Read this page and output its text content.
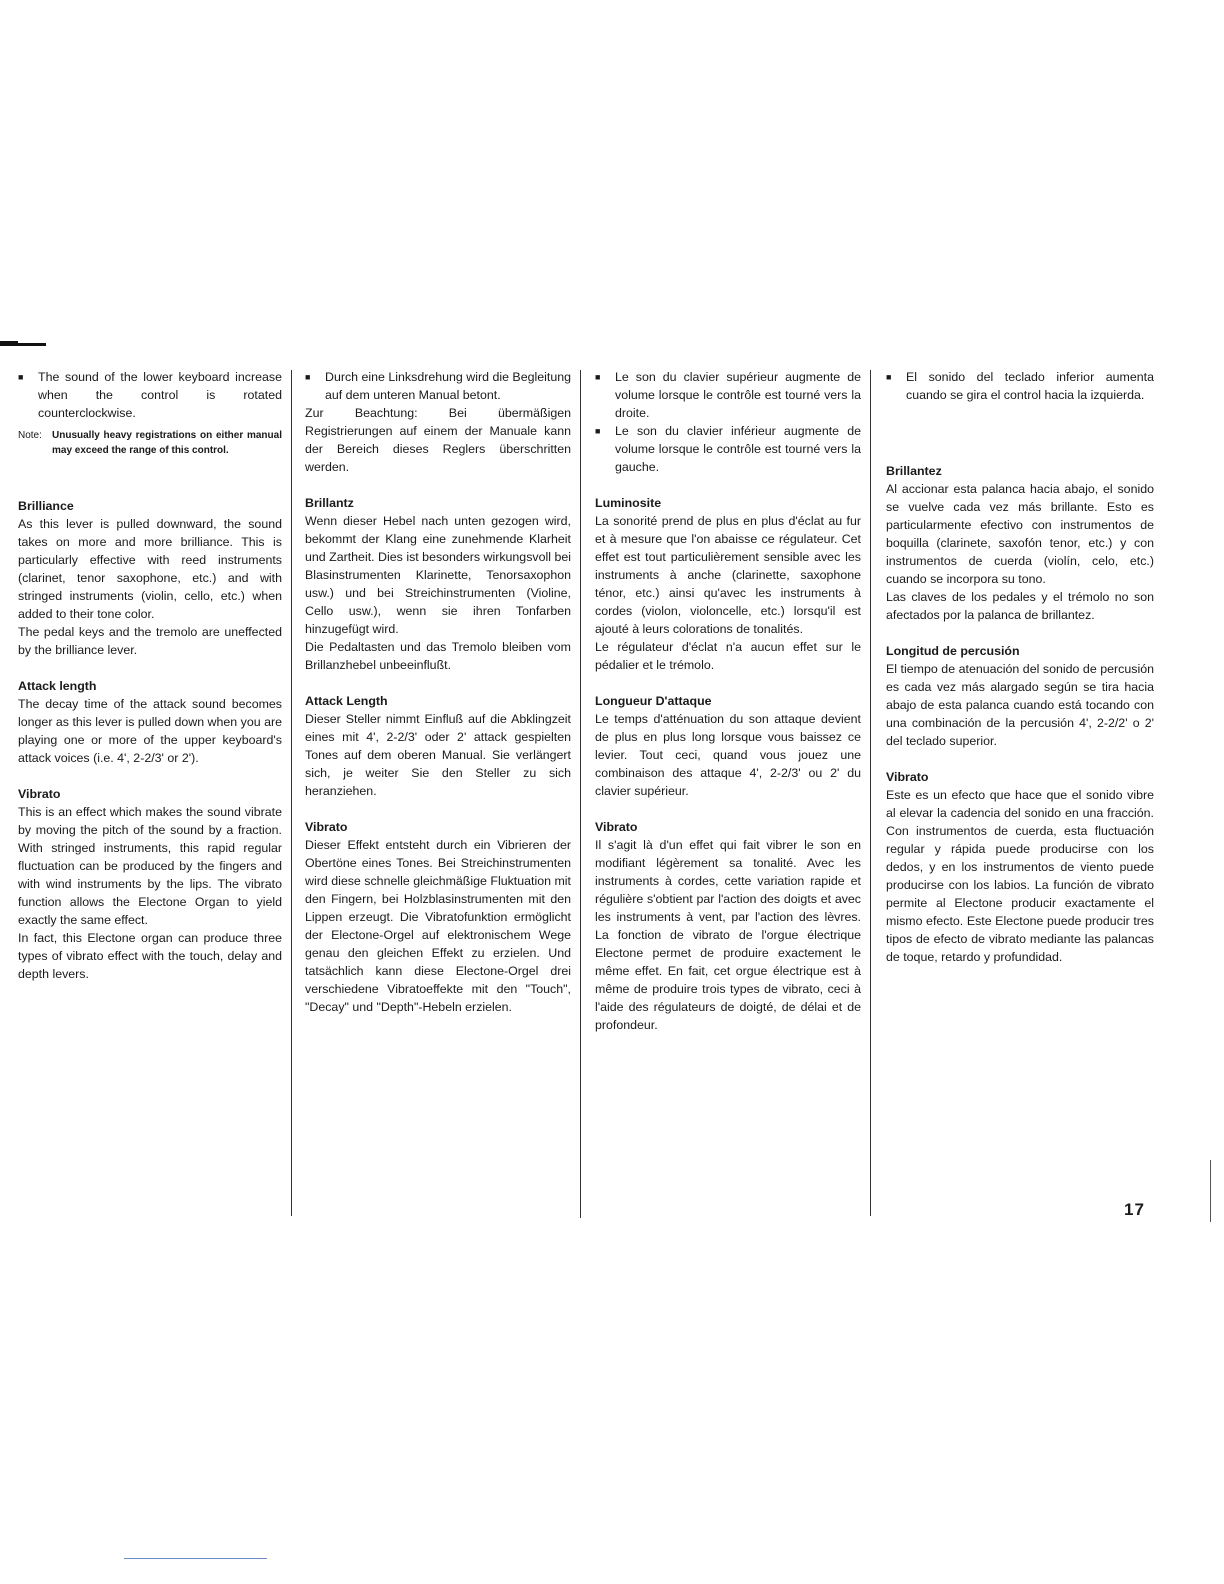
■	The sound of the lower keyboard increase when the control is rotated counterclockwise.

Note:	Unusually heavy registrations on either manual may exceed the range of this control.

Brilliance

As this lever is pulled downward, the sound takes on more and more brilliance. This is particularly effective with reed instruments (clarinet, tenor saxophone, etc.) and with stringed instruments (violin, cello, etc.) when added to their tone color.

The pedal keys and the tremolo are uneffected by the brilliance lever.

Attack length

The decay time of the attack sound becomes longer as this lever is pulled down when you are playing one or more of the upper keyboard's attack voices (i.e. 4', 2-2/3' or 2').

Vibrato

This is an effect which makes the sound vibrate by moving the pitch of the sound by a fraction. With stringed instruments, this rapid regular fluctuation can be produced by the fingers and with wind instruments by the lips. The vibrato function allows the Electone Organ to yield exactly the same effect.

In fact, this Electone organ can produce three types of vibrato effect with the touch, delay and depth levers.

■	Durch eine Linksdrehung wird die Begleitung auf dem unteren Manual betont.

Zur Beachtung: Bei übermäßigen Registrierungen auf einem der Manuale kann der Bereich dieses Reglers überschritten werden.

Brillantz

Wenn dieser Hebel nach unten gezogen wird, bekommt der Klang eine zunehmende Klarheit und Zartheit. Dies ist besonders wirkungsvoll bei Blasinstrumenten Klarinette, Tenorsaxophon usw.) und bei Streichinstrumenten (Violine, Cello usw.), wenn sie ihren Tonfarben hinzugefügt wird.

Die Pedaltasten und das Tremolo bleiben vom Brillanzhebel unbeeinflußt.

Attack Length

Dieser Steller nimmt Einfluß auf die Abklingzeit eines mit 4', 2-2/3' oder 2' attack gespielten Tones auf dem oberen Manual. Sie verlängert sich, je weiter Sie den Steller zu sich heranziehen.

Vibrato

Dieser Effekt entsteht durch ein Vibrieren der Obertöne eines Tones. Bei Streichinstrumenten wird diese schnelle gleichmäßige Fluktuation mit den Fingern, bei Holzblasinstrumenten mit den Lippen erzeugt. Die Vibratofunktion ermöglicht der Electone-Orgel auf elektronischem Wege genau den gleichen Effekt zu erzielen. Und tatsächlich kann diese Electone-Orgel drei verschiedene Vibratoeffekte mit den "Touch", "Decay" und "Depth"-Hebeln erzielen.

■	Le son du clavier supérieur augmente de volume lorsque le contrôle est tourné vers la droite.

■	Le son du clavier inférieur augmente de volume lorsque le contrôle est tourné vers la gauche.

Luminosite

La sonorité prend de plus en plus d'éclat au fur et à mesure que l'on abaisse ce régulateur. Cet effet est tout particulièrement sensible avec les instruments à anche (clarinette, saxophone ténor, etc.) ainsi qu'avec les instruments à cordes (violon, violoncelle, etc.) lorsqu'il est ajouté à leurs colorations de tonalités.

Le régulateur d'éclat n'a aucun effet sur le pédalier et le trémolo.

Longueur D'attaque

Le temps d'atténuation du son attaque devient de plus en plus long lorsque vous baissez ce levier. Tout ceci, quand vous jouez une combinaison des attaque 4', 2-2/3' ou 2' du clavier supérieur.

Vibrato

Il s'agit là d'un effet qui fait vibrer le son en modifiant légèrement sa tonalité. Avec les instruments à cordes, cette variation rapide et régulière s'obtient par l'action des doigts et avec les instruments à vent, par l'action des lèvres. La fonction de vibrato de l'orgue électrique Electone permet de produire exactement le même effet. En fait, cet orgue électrique est à même de produire trois types de vibrato, ceci à l'aide des régulateurs de doigté, de délai et de profondeur.

■	El sonido del teclado inferior aumenta cuando se gira el control hacia la izquierda.

Brillantez

Al accionar esta palanca hacia abajo, el sonido se vuelve cada vez más brillante. Esto es particularmente efectivo con instrumentos de boquilla (clarinete, saxofón tenor, etc.) y con instrumentos de cuerda (violín, celo, etc.) cuando se incorpora su tono.

Las claves de los pedales y el trémolo no son afectados por la palanca de brillantez.

Longitud de percusión

El tiempo de atenuación del sonido de percusión es cada vez más alargado según se tira hacia abajo de esta palanca cuando está tocando con una combinación de la percusión 4', 2-2/2' o 2' del teclado superior.

Vibrato

Este es un efecto que hace que el sonido vibre al elevar la cadencia del sonido en una fracción. Con instrumentos de cuerda, esta fluctuación regular y rápida puede producirse con los dedos, y en los instrumentos de viento puede producirse con los labios. La función de vibrato permite al Electone producir exactamente el mismo efecto. Este Electone puede producir tres tipos de efecto de vibrato mediante las palancas de toque, retardo y profundidad.

17
